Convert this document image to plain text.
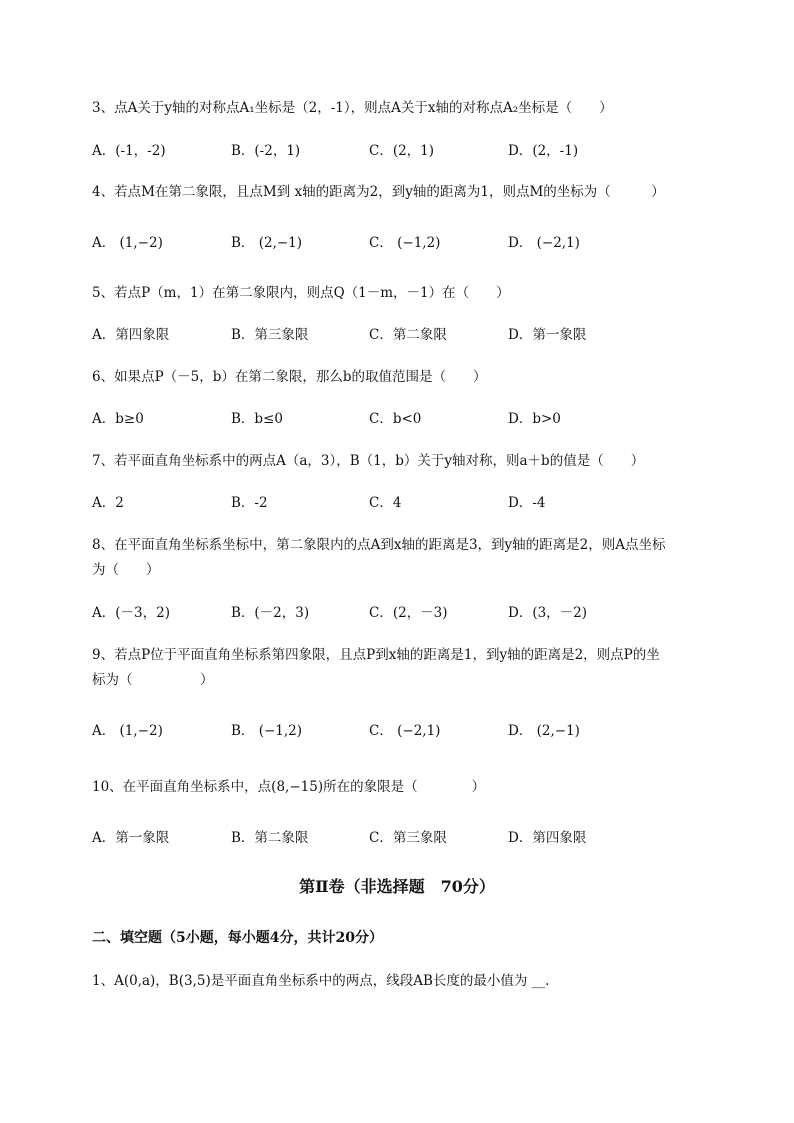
3、点A关于y轴的对称点A₁坐标是（2，-1），则点A关于x轴的对称点A₂坐标是（　　）
A．(-1，-2)	B．(-2，1)	C．(2，1)	D．(2，-1)
4、若点M在第二象限，且点M到 x轴的距离为2，到y轴的距离为1，则点M的坐标为（　　　）
A． (1,−2)	B． (2,−1)	C． (−1,2)	D． (−2,1)
5、若点P（m，1）在第二象限内，则点Q（1－m，－1）在（　　）
A．第四象限	B．第三象限	C．第二象限	D．第一象限
6、如果点P（－5，b）在第二象限，那么b的取值范围是（　　）
A．b≥0	B．b≤0	C．b<0	D．b>0
7、若平面直角坐标系中的两点A（a，3），B（1，b）关于y轴对称，则a＋b的值是（　　）
A．2	B．-2	C．4	D．-4
8、在平面直角坐标系坐标中，第二象限内的点A到x轴的距离是3，到y轴的距离是2，则A点坐标
为（　　）
A．(－3，2)	B．(－2，3)	C．(2，－3)	D．(3，－2)
9、若点P位于平面直角坐标系第四象限，且点P到x轴的距离是1，到y轴的距离是2，则点P的坐
标为（　　　　　）
A． (1,−2)	B． (−1,2)	C． (−2,1)	D． (2,−1)
10、在平面直角坐标系中，点(8,−15)所在的象限是（　　　　）
A．第一象限	B．第二象限	C．第三象限	D．第四象限
第Ⅱ卷（非选择题　70分）
二、填空题（5小题，每小题4分，共计20分）
1、A(0,a)，B(3,5)是平面直角坐标系中的两点，线段AB长度的最小值为 __.
